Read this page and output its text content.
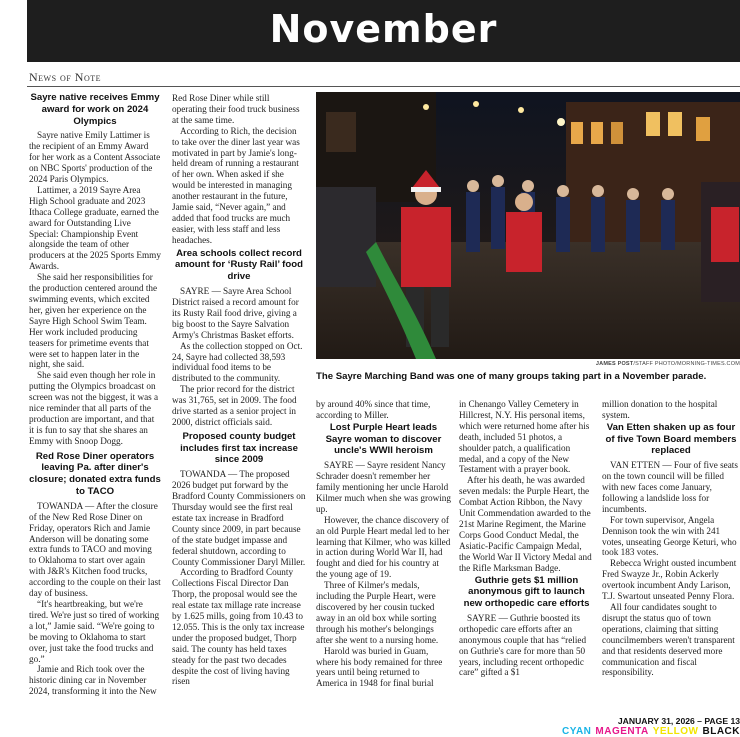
November
News of Note
Sayre native receives Emmy award for work on 2024 Olympics

Sayre native Emily Lattimer is the recipient of an Emmy Award for her work as a Content Associate on NBC Sports' production of the 2024 Paris Olympics.

Lattimer, a 2019 Sayre Area High School graduate and 2023 Ithaca College graduate, earned the award for Outstanding Live Special: Championship Event alongside the team of other producers at the 2025 Sports Emmy Awards.

She said her responsibilities for the production centered around the swimming events, which excited her, given her experience on the Sayre High School Swim Team. Her work included producing teasers for primetime events that were set to happen later in the night, she said.

She said even though her role in putting the Olympics broadcast on screen was not the biggest, it was a nice reminder that all parts of the production are important, and that it is fun to say that she shares an Emmy with Snoop Dogg.

Red Rose Diner operators leaving Pa. after diner's closure; donated extra funds to TACO

TOWANDA — After the closure of the New Red Rose Diner on Friday, operators Rich and Jamie Anderson will be donating some extra funds to TACO and moving to Oklahoma to start over again with J&R's Kitchen food trucks, according to the couple on their last day of business.

“It's heartbreaking, but we're tired. We're just so tired of working a lot,” Jamie said. “We're going to be moving to Oklahoma to start over, just take the food trucks and go.”

Jamie and Rich took over the historic dining car in November 2024, transforming it into the New

Red Rose Diner while still operating their food truck business at the same time.

According to Rich, the decision to take over the diner last year was motivated in part by Jamie's long-held dream of running a restaurant of her own. When asked if she would be interested in managing another restaurant in the future, Jamie said, “Never again,” and added that food trucks are much easier, with less staff and less headaches.

Area schools collect record amount for ‘Rusty Rail’ food drive

SAYRE — Sayre Area School District raised a record amount for its Rusty Rail food drive, giving a big boost to the Sayre Salvation Army's Christmas Basket efforts.

As the collection stopped on Oct. 24, Sayre had collected 38,593 individual food items to be distributed to the community.

The prior record for the district was 31,765, set in 2009. The food drive started as a senior project in 2000, district officials said.

Proposed county budget includes first tax increase since 2009

TOWANDA — The proposed 2026 budget put forward by the Bradford County Commissioners on Thursday would see the first real estate tax increase in Bradford County since 2009, in part because of the state budget impasse and federal shutdown, according to County Commissioner Daryl Miller.

According to Bradford County Collections Fiscal Director Dan Thorp, the proposal would see the real estate tax millage rate increase by 1.625 mills, going from 10.43 to 12.055. This is the only tax increase under the proposed budget, Thorp said. The county has held taxes steady for the past two decades despite the cost of living having risen

JAMES POST/STAFF PHOTO/MORNING-TIMES.COM
The Sayre Marching Band was one of many groups taking part in a November parade.

by around 40% since that time, according to Miller.

Lost Purple Heart leads Sayre woman to discover uncle's WWII heroism

SAYRE — Sayre resident Nancy Schrader doesn't remember her family mentioning her uncle Harold Kilmer much when she was growing up.

However, the chance discovery of an old Purple Heart medal led to her learning that Kilmer, who was killed in action during World War II, had fought and died for his country at the young age of 19.

Three of Kilmer's medals, including the Purple Heart, were discovered by her cousin tucked away in an old box while sorting through his mother's belongings after she went to a nursing home.

Harold was buried in Guam, where his body remained for three years until being returned to America in 1948 for final burial

in Chenango Valley Cemetery in Hillcrest, N.Y. His personal items, which were returned home after his death, included 51 photos, a shoulder patch, a qualification medal, and a copy of the New Testament with a prayer book.

After his death, he was awarded seven medals: the Purple Heart, the Combat Action Ribbon, the Navy Unit Commendation awarded to the 21st Marine Regiment, the Marine Corps Good Conduct Medal, the Asiatic-Pacific Campaign Medal, the World War II Victory Medal and the Rifle Marksman Badge.

Guthrie gets $1 million anonymous gift to launch new orthopedic care efforts

SAYRE — Guthrie boosted its orthopedic care efforts after an anonymous couple that has “relied on Guthrie's care for more than 50 years, including recent orthopedic care” gifted a $1

million donation to the hospital system.

Van Etten shaken up as four of five Town Board members replaced

VAN ETTEN — Four of five seats on the town council will be filled with new faces come January, following a landslide loss for incumbents.

For town supervisor, Angela Dennison took the win with 241 votes, unseating George Keturi, who took 183 votes.

Rebecca Wright ousted incumbent Fred Swayze Jr., Robin Ackerly overtook incumbent Andy Larison, T.J. Swartout unseated Penny Flora.

All four candidates sought to disrupt the status quo of town operations, claiming that sitting councilmembers weren't transparent and that residents deserved more communication and fiscal responsibility.

JANUARY 31, 2026 – PAGE 13
CYAN MAGENTA YELLOW BLACK
